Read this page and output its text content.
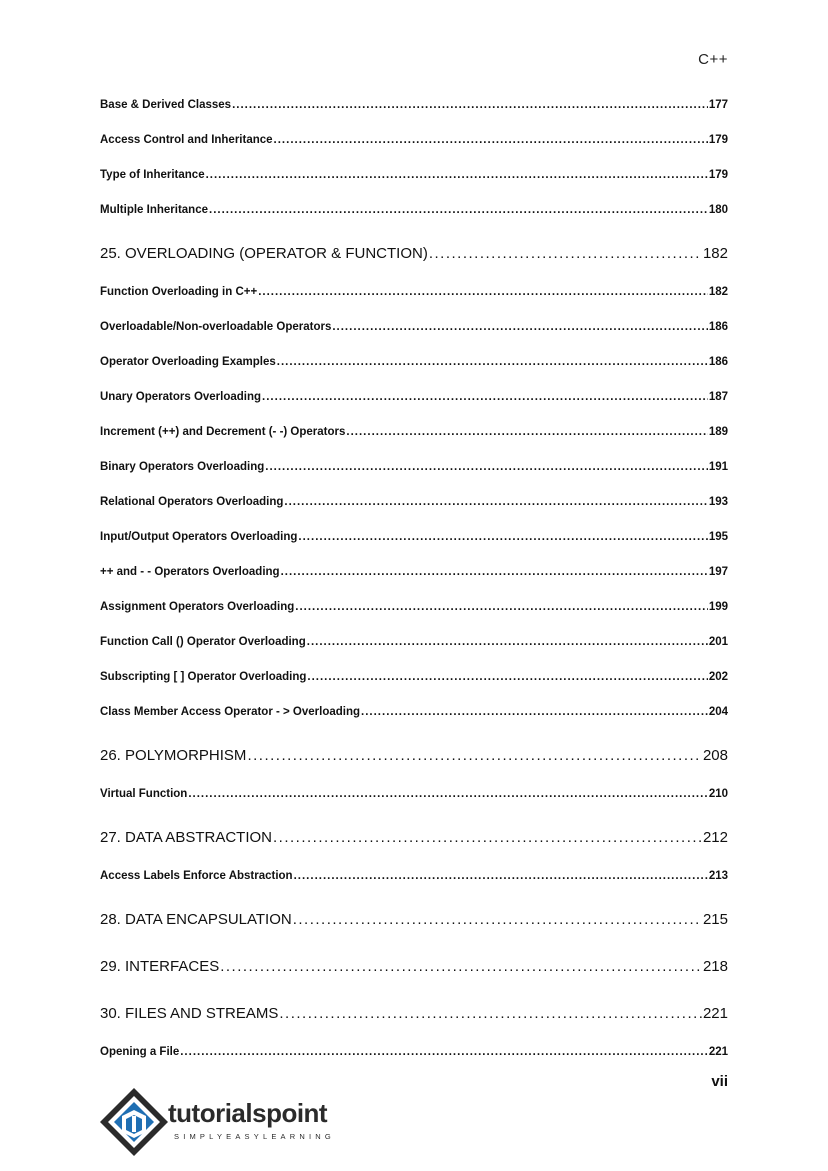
C++
Base & Derived Classes .....	177
Access Control and Inheritance .....	179
Type of Inheritance .....	179
Multiple Inheritance .....	180
25. OVERLOADING (OPERATOR & FUNCTION) .....	182
Function Overloading in C++ .....	182
Overloadable/Non-overloadable Operators .....	186
Operator Overloading Examples .....	186
Unary Operators Overloading .....	187
Increment (++) and Decrement (- -) Operators .....	189
Binary Operators Overloading .....	191
Relational Operators Overloading .....	193
Input/Output Operators Overloading .....	195
++ and - - Operators Overloading .....	197
Assignment Operators Overloading .....	199
Function Call () Operator Overloading .....	201
Subscripting [ ] Operator Overloading .....	202
Class Member Access Operator - > Overloading .....	204
26. POLYMORPHISM .....	208
Virtual Function .....	210
27. DATA ABSTRACTION .....	212
Access Labels Enforce Abstraction .....	213
28. DATA ENCAPSULATION .....	215
29. INTERFACES .....	218
30. FILES AND STREAMS .....	221
Opening a File .....	221
vii
tutorialspoint
SIMPLYEASYLEARNING
